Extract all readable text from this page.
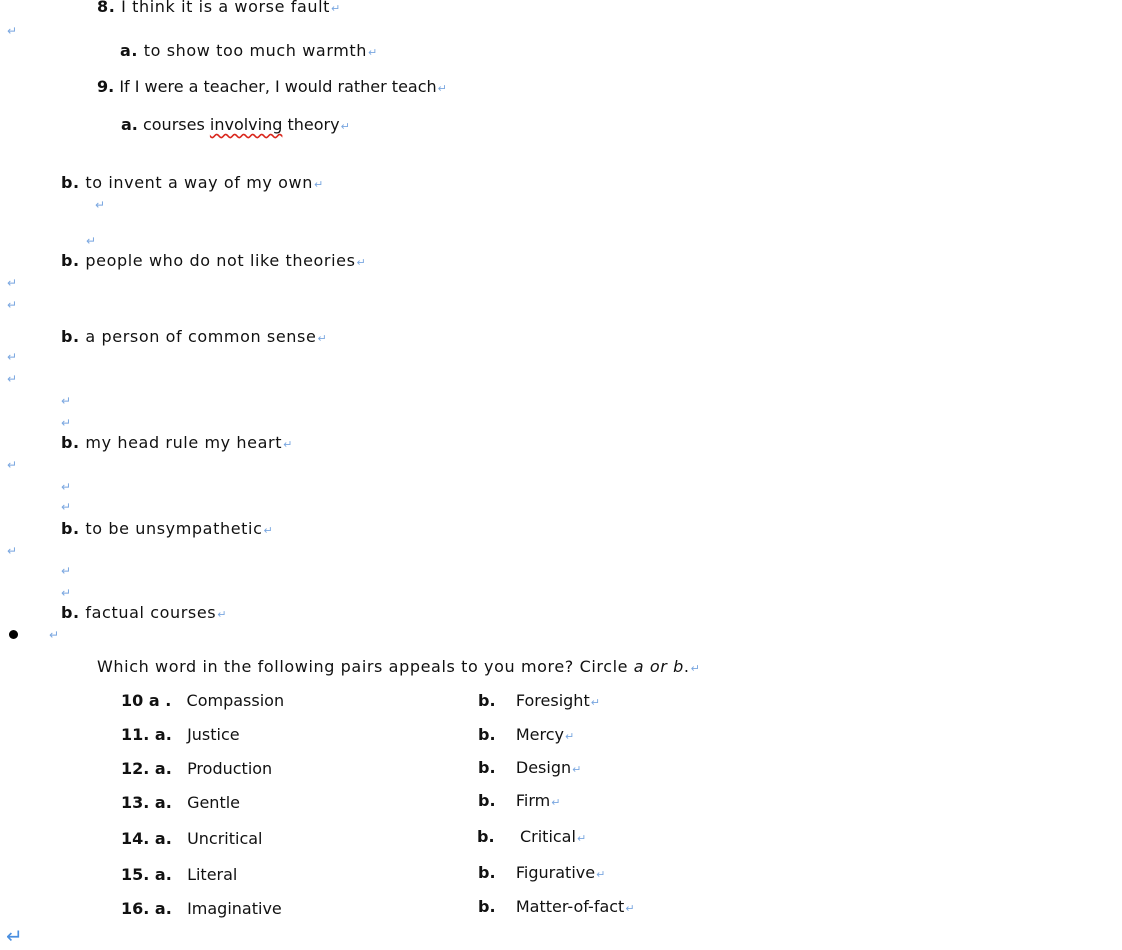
8. I think it is a worse fault↵
↵
a. to show too much warmth↵
9. If I were a teacher, I would rather teach↵
a. courses involving theory↵
b. to invent a way of my own↵
↵
↵
b. people who do not like theories↵
↵
↵
b. a person of common sense↵
↵
↵
↵
↵
b. my head rule my heart↵
↵
↵
↵
b. to be unsympathetic↵
↵
↵
↵
b. factual courses↵
↵
Which word in the following pairs appeals to you more? Circle a or b.↵
10 a . Compassion	b. Foresight↵
11. a. Justice	b. Mercy↵
12. a. Production	b. Design↵
13. a. Gentle	b. Firm↵
14. a. Uncritical	b. Critical↵
15. a. Literal	b. Figurative↵
16. a. Imaginative	b. Matter-of-fact↵
↵
